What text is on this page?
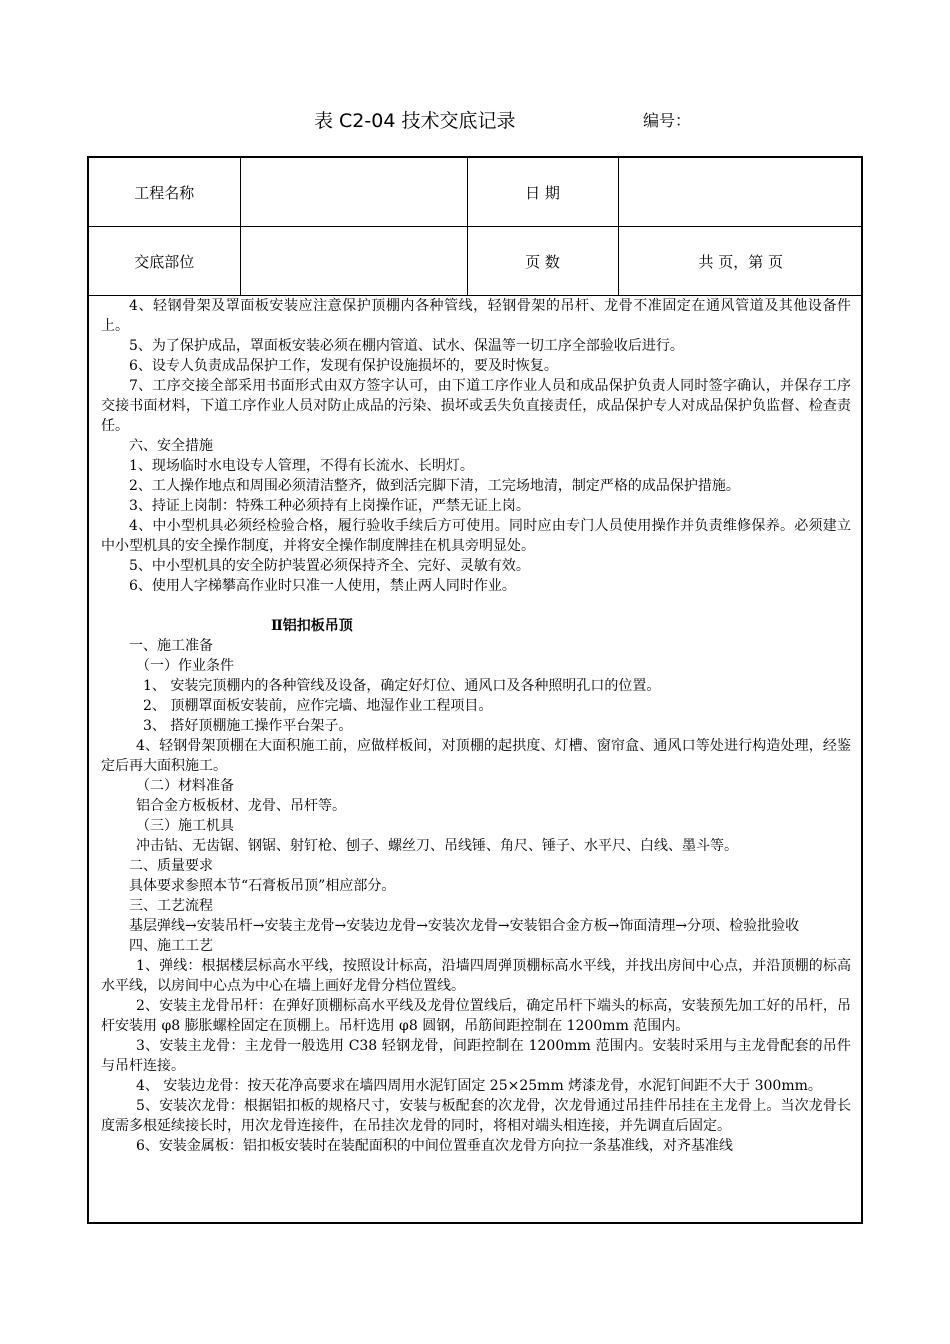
表 C2-04 技术交底记录	编号：
工程名称		日 期	
交底部位		页 数	共 页，第 页

4、轻钢骨架及罩面板安装应注意保护顶棚内各种管线，轻钢骨架的吊杆、龙骨不准固定在通风管道及其他设备件上。

5、为了保护成品，罩面板安装必须在棚内管道、试水、保温等一切工序全部验收后进行。

6、设专人负责成品保护工作，发现有保护设施损坏的，要及时恢复。

7、工序交接全部采用书面形式由双方签字认可，由下道工序作业人员和成品保护负责人同时签字确认，并保存工序交接书面材料，下道工序作业人员对防止成品的污染、损坏或丢失负直接责任，成品保护专人对成品保护负监督、检查责任。

六、安全措施

1、现场临时水电设专人管理，不得有长流水、长明灯。

2、工人操作地点和周围必须清洁整齐，做到活完脚下清，工完场地清，制定严格的成品保护措施。

3、持证上岗制：特殊工种必须持有上岗操作证，严禁无证上岗。

4、中小型机具必须经检验合格，履行验收手续后方可使用。同时应由专门人员使用操作并负责维修保养。必须建立中小型机具的安全操作制度，并将安全操作制度牌挂在机具旁明显处。

5、中小型机具的安全防护装置必须保持齐全、完好、灵敏有效。

6、使用人字梯攀高作业时只准一人使用，禁止两人同时作业。

Ⅱ铝扣板吊顶

一、施工准备

（一）作业条件

1、 安装完顶棚内的各种管线及设备，确定好灯位、通风口及各种照明孔口的位置。

2、 顶棚罩面板安装前，应作完墙、地湿作业工程项目。

3、 搭好顶棚施工操作平台架子。

4、轻钢骨架顶棚在大面积施工前，应做样板间，对顶棚的起拱度、灯槽、窗帘盒、通风口等处进行构造处理，经鉴定后再大面积施工。

（二）材料准备

铝合金方板板材、龙骨、吊杆等。

（三）施工机具

冲击钻、无齿锯、钢锯、射钉枪、刨子、螺丝刀、吊线锤、角尺、锤子、水平尺、白线、墨斗等。

二、质量要求

具体要求参照本节“石膏板吊顶”相应部分。

三、工艺流程

基层弹线→安装吊杆→安装主龙骨→安装边龙骨→安装次龙骨→安装铝合金方板→饰面清理→分项、检验批验收

四、施工工艺

1、弹线：根据楼层标高水平线，按照设计标高，沿墙四周弹顶棚标高水平线，并找出房间中心点，并沿顶棚的标高水平线，以房间中心点为中心在墙上画好龙骨分档位置线。

2、安装主龙骨吊杆：在弹好顶棚标高水平线及龙骨位置线后，确定吊杆下端头的标高，安装预先加工好的吊杆，吊杆安装用 φ8 膨胀螺栓固定在顶棚上。吊杆选用 φ8 圆钢，吊筋间距控制在 1200mm 范围内。

3、安装主龙骨：主龙骨一般选用 C38 轻钢龙骨，间距控制在 1200mm 范围内。安装时采用与主龙骨配套的吊件与吊杆连接。

4、 安装边龙骨：按天花净高要求在墙四周用水泥钉固定 25×25mm 烤漆龙骨，水泥钉间距不大于 300mm。

5、安装次龙骨：根据铝扣板的规格尺寸，安装与板配套的次龙骨，次龙骨通过吊挂件吊挂在主龙骨上。当次龙骨长度需多根延续接长时，用次龙骨连接件，在吊挂次龙骨的同时，将相对端头相连接，并先调直后固定。

6、安装金属板：铝扣板安装时在装配面积的中间位置垂直次龙骨方向拉一条基准线，对齐基准线
